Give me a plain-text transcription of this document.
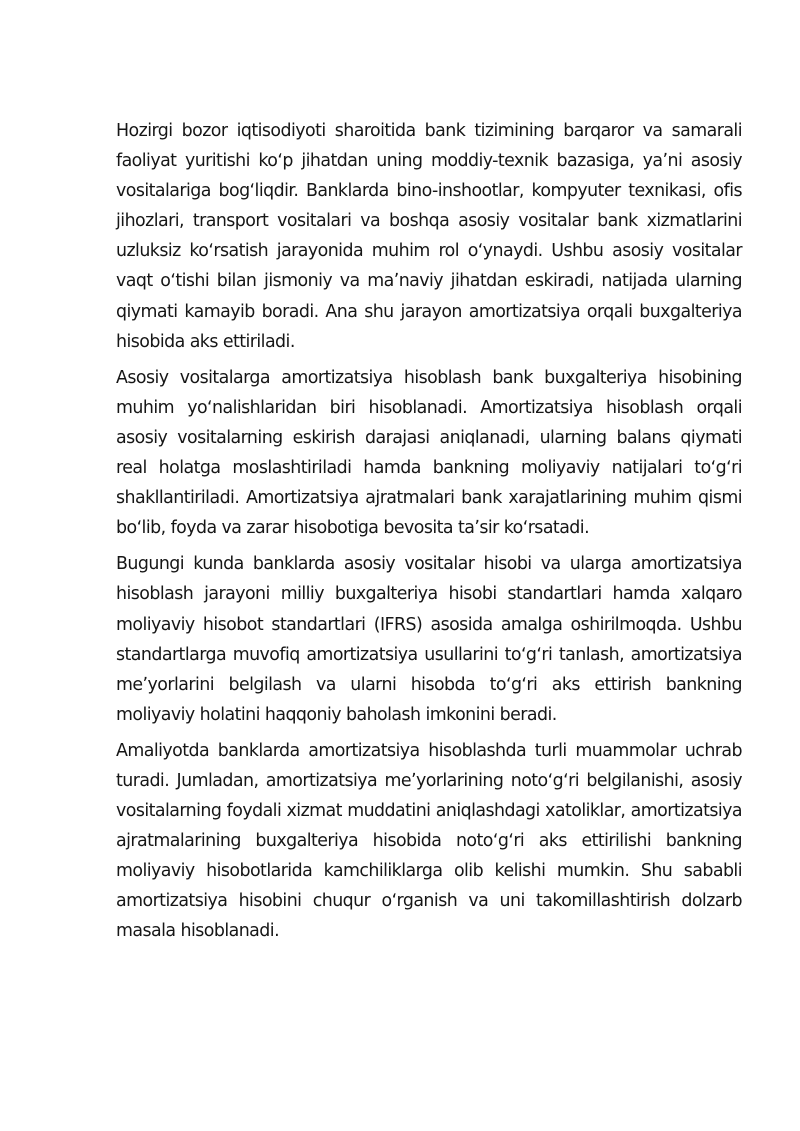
Hozirgi bozor iqtisodiyoti sharoitida bank tizimining barqaror va samarali faoliyat yuritishi koʻp jihatdan uning moddiy-texnik bazasiga, yaʼni asosiy vositalariga bogʻliqdir. Banklarda bino-inshootlar, kompyuter texnikasi, ofis jihozlari, transport vositalari va boshqa asosiy vositalar bank xizmatlarini uzluksiz koʻrsatish jarayonida muhim rol oʻynaydi. Ushbu asosiy vositalar vaqt oʻtishi bilan jismoniy va maʼnaviy jihatdan eskiradi, natijada ularning qiymati kamayib boradi. Ana shu jarayon amortizatsiya orqali buxgalteriya hisobida aks ettiriladi.

Asosiy vositalarga amortizatsiya hisoblash bank buxgalteriya hisobining muhim yoʻnalishlaridan biri hisoblanadi. Amortizatsiya hisoblash orqali asosiy vositalarning eskirish darajasi aniqlanadi, ularning balans qiymati real holatga moslashtiriladi hamda bankning moliyaviy natijalari toʻgʻri shakllantiriladi. Amortizatsiya ajratmalari bank xarajatlarining muhim qismi boʻlib, foyda va zarar hisobotiga bevosita taʼsir koʻrsatadi.

Bugungi kunda banklarda asosiy vositalar hisobi va ularga amortizatsiya hisoblash jarayoni milliy buxgalteriya hisobi standartlari hamda xalqaro moliyaviy hisobot standartlari (IFRS) asosida amalga oshirilmoqda. Ushbu standartlarga muvofiq amortizatsiya usullarini toʻgʻri tanlash, amortizatsiya meʼyorlarini belgilash va ularni hisobda toʻgʻri aks ettirish bankning moliyaviy holatini haqqoniy baholash imkonini beradi.

Amaliyotda banklarda amortizatsiya hisoblashda turli muammolar uchrab turadi. Jumladan, amortizatsiya meʼyorlarining notoʻgʻri belgilanishi, asosiy vositalarning foydali xizmat muddatini aniqlashdagi xatoliklar, amortizatsiya ajratmalarining buxgalteriya hisobida notoʻgʻri aks ettirilishi bankning moliyaviy hisobotlarida kamchiliklarga olib kelishi mumkin. Shu sababli amortizatsiya hisobini chuqur oʻrganish va uni takomillashtirish dolzarb masala hisoblanadi.
